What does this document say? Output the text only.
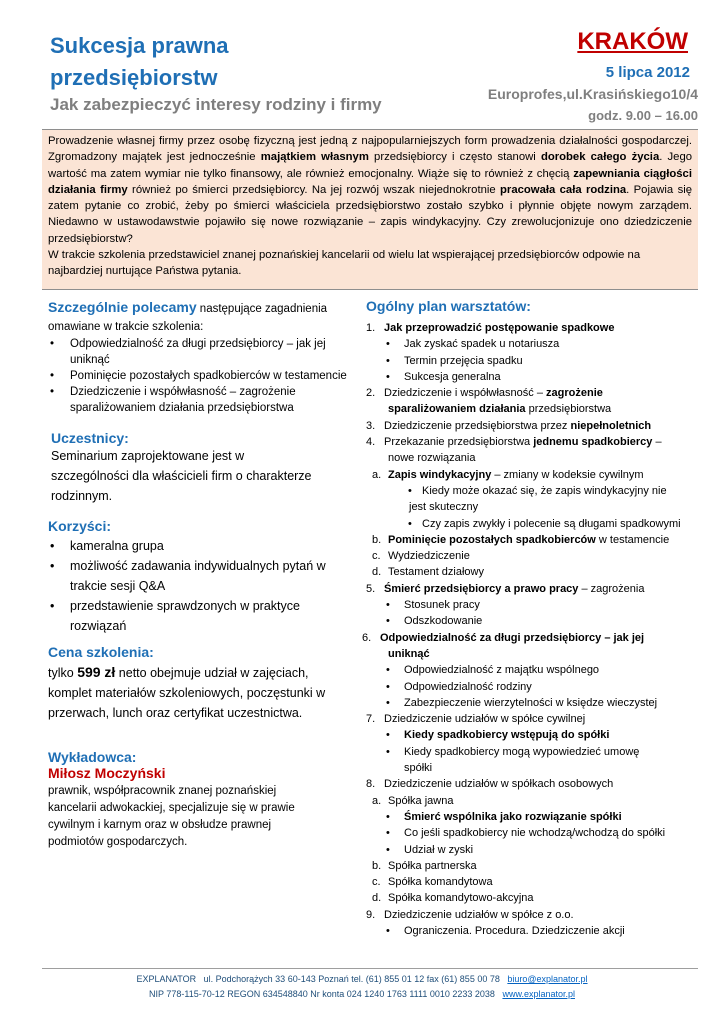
Sukcesja prawna
przedsiębiorstw
Jak zabezpieczyć interesy rodziny i firmy
KRAKÓW
5 lipca 2012
Europrofes,ul.Krasińskiego10/4
godz. 9.00 – 16.00

Prowadzenie własnej firmy przez osobę fizyczną jest jedną z najpopularniejszych form prowadzenia działalności gospodarczej. Zgromadzony majątek jest jednocześnie majątkiem własnym przedsiębiorcy i często stanowi dorobek całego życia. Jego wartość ma zatem wymiar nie tylko finansowy, ale również emocjonalny. Wiąże się to również z chęcią zapewniania ciągłości działania firmy również po śmierci przedsiębiorcy. Na jej rozwój wszak niejednokrotnie pracowała cała rodzina. Pojawia się zatem pytanie co zrobić, żeby po śmierci właściciela przedsiębiorstwo zostało szybko i płynnie objęte nowym zarządem. Niedawno w ustawodawstwie pojawiło się nowe rozwiązanie – zapis windykacyjny. Czy zrewolucjonizuje ono dziedziczenie przedsiębiorstw?

W trakcie szkolenia przedstawiciel znanej poznańskiej kancelarii od wielu lat wspierającej przedsiębiorców odpowie na najbardziej nurtujące Państwa pytania.

Szczególnie polecamy następujące zagadnienia omawiane w trakcie szkolenia:
• Odpowiedzialność za długi przedsiębiorcy – jak jej uniknąć
• Pominięcie pozostałych spadkobierców w testamencie
• Dziedziczenie i współwłasność – zagrożenie sparaliżowaniem działania przedsiębiorstwa
Uczestnicy:
Seminarium zaprojektowane jest w szczególności dla właścicieli firm o charakterze rodzinnym.
Korzyści:
• kameralna grupa
• możliwość zadawania indywidualnych pytań w trakcie sesji Q&A
• przedstawienie sprawdzonych w praktyce rozwiązań
Cena szkolenia:
tylko 599 zł netto obejmuje udział w zajęciach, komplet materiałów szkoleniowych, poczęstunki w przerwach, lunch oraz certyfikat uczestnictwa.
Wykładowca:
Miłosz Moczyński
prawnik, współpracownik znanej poznańskiej kancelarii adwokackiej, specjalizuje się w prawie cywilnym i karnym oraz w obsłudze prawnej podmiotów gospodarczych.
Ogólny plan warsztatów:
1. Jak przeprowadzić postępowanie spadkowe
• Jak zyskać spadek u notariusza
• Termin przejęcia spadku
• Sukcesja generalna
2. Dziedziczenie i współwłasność – zagrożenie
sparaliżowaniem działania przedsiębiorstwa
3. Dziedziczenie przedsiębiorstwa przez niepełnoletnich
4. Przekazanie przedsiębiorstwa jednemu spadkobiercy –
nowe rozwiązania
a. Zapis windykacyjny – zmiany w kodeksie cywilnym
• Kiedy może okazać się, że zapis windykacyjny nie
jest skuteczny
• Czy zapis zwykły i polecenie są długami spadkowymi
b. Pominięcie pozostałych spadkobierców w testamencie
c. Wydziedziczenie
d. Testament działowy
5. Śmierć przedsiębiorcy a prawo pracy – zagrożenia
• Stosunek pracy
• Odszkodowanie
6. Odpowiedzialność za długi przedsiębiorcy – jak jej
uniknąć
• Odpowiedzialność z majątku wspólnego
• Odpowiedzialność rodziny
• Zabezpieczenie wierzytelności w księdze wieczystej
7. Dziedziczenie udziałów w spółce cywilnej
• Kiedy spadkobiercy wstępują do spółki
• Kiedy spadkobiercy mogą wypowiedzieć umowę
spółki
8. Dziedziczenie udziałów w spółkach osobowych
a. Spółka jawna
• Śmierć wspólnika jako rozwiązanie spółki
• Co jeśli spadkobiercy nie wchodzą/wchodzą do spółki
• Udział w zyski
b. Spółka partnerska
c. Spółka komandytowa
d. Spółka komandytowo-akcyjna
9. Dziedziczenie udziałów w spółce z o.o.
• Ograniczenia. Procedura. Dziedziczenie akcji
EXPLANATOR ul. Podchorążych 33 60-143 Poznań tel. (61) 855 01 12 fax (61) 855 00 78 biuro@explanator.pl
NIP 778-115-70-12 REGON 634548840 Nr konta 024 1240 1763 1111 0010 2233 2038 www.explanator.pl
